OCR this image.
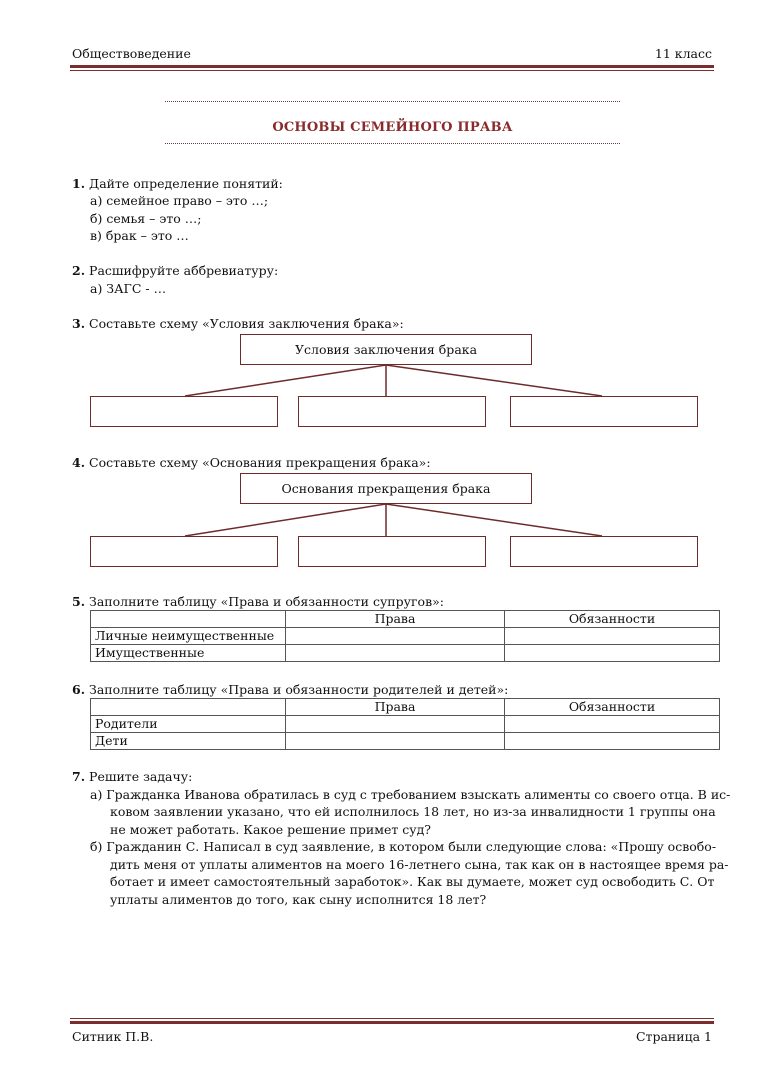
Обществоведение	11 класс
ОСНОВЫ СЕМЕЙНОГО ПРАВА
1. Дайте определение понятий:
а) семейное право – это …;
б) семья – это …;
в) брак – это …
2. Расшифруйте аббревиатуру:
а) ЗАГС - …
3. Составьте схему «Условия заключения брака»:
Условия заключения брака
4. Составьте схему «Основания прекращения брака»:
Основания прекращения брака
5. Заполните таблицу «Права и обязанности супругов»:
	Права	Обязанности
Личные неимущественные		
Имущественные		
6. Заполните таблицу «Права и обязанности родителей и детей»:
	Права	Обязанности
Родители		
Дети		
7. Решите задачу:
а) Гражданка Иванова обратилась в суд с требованием взыскать алименты со своего отца. В ис-
ковом заявлении указано, что ей исполнилось 18 лет, но из-за инвалидности 1 группы она
не может работать. Какое решение примет суд?
б) Гражданин С. Написал в суд заявление, в котором были следующие слова: «Прошу освобо-
дить меня от уплаты алиментов на моего 16-летнего сына, так как он в настоящее время ра-
ботает и имеет самостоятельный заработок». Как вы думаете, может суд освободить С. От
уплаты алиментов до того, как сыну исполнится 18 лет?
Ситник П.В.	Страница 1
